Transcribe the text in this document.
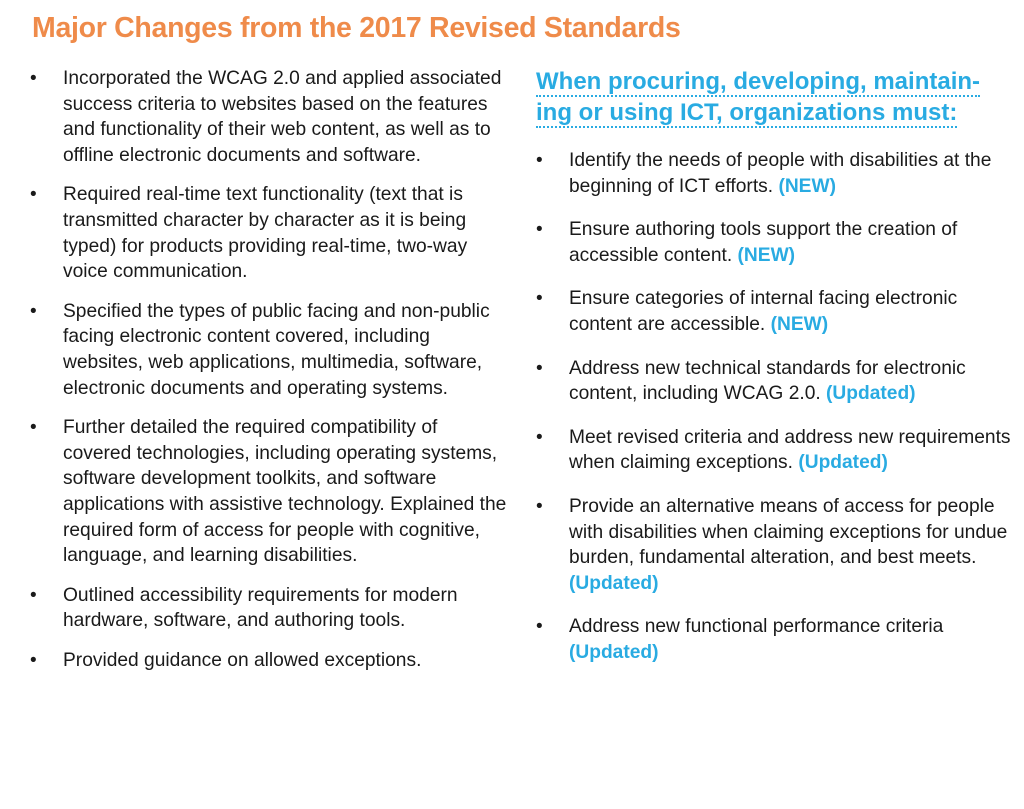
Major Changes from the 2017 Revised Standards
• Incorporated the WCAG 2.0 and applied associated success criteria to websites based on the features and functionality of their web content, as well as to offline electronic documents and software.
• Required real-time text functionality (text that is transmitted character by character as it is being typed) for products providing real-time, two-way voice communication.
• Specified the types of public facing and non-public facing electronic content covered, including websites, web applications, multimedia, software, electronic documents and operating systems.
• Further detailed the required compatibility of covered technologies, including operating systems, software development toolkits, and software applications with assistive technology. Explained the required form of access for people with cognitive, language, and learning disabilities.
• Outlined accessibility requirements for modern hardware, software, and authoring tools.
• Provided guidance on allowed exceptions.
When procuring, developing, maintain-
ing or using ICT, organizations must:
• Identify the needs of people with disabilities at the beginning of ICT efforts. (NEW)
• Ensure authoring tools support the creation of accessible content. (NEW)
• Ensure categories of internal facing electronic content are accessible. (NEW)
• Address new technical standards for electronic content, including WCAG 2.0. (Updated)
• Meet revised criteria and address new requirements when claiming exceptions. (Updated)
• Provide an alternative means of access for people with disabilities when claiming exceptions for undue burden, fundamental alteration, and best meets. (Updated)
• Address new functional performance criteria (Updated)
